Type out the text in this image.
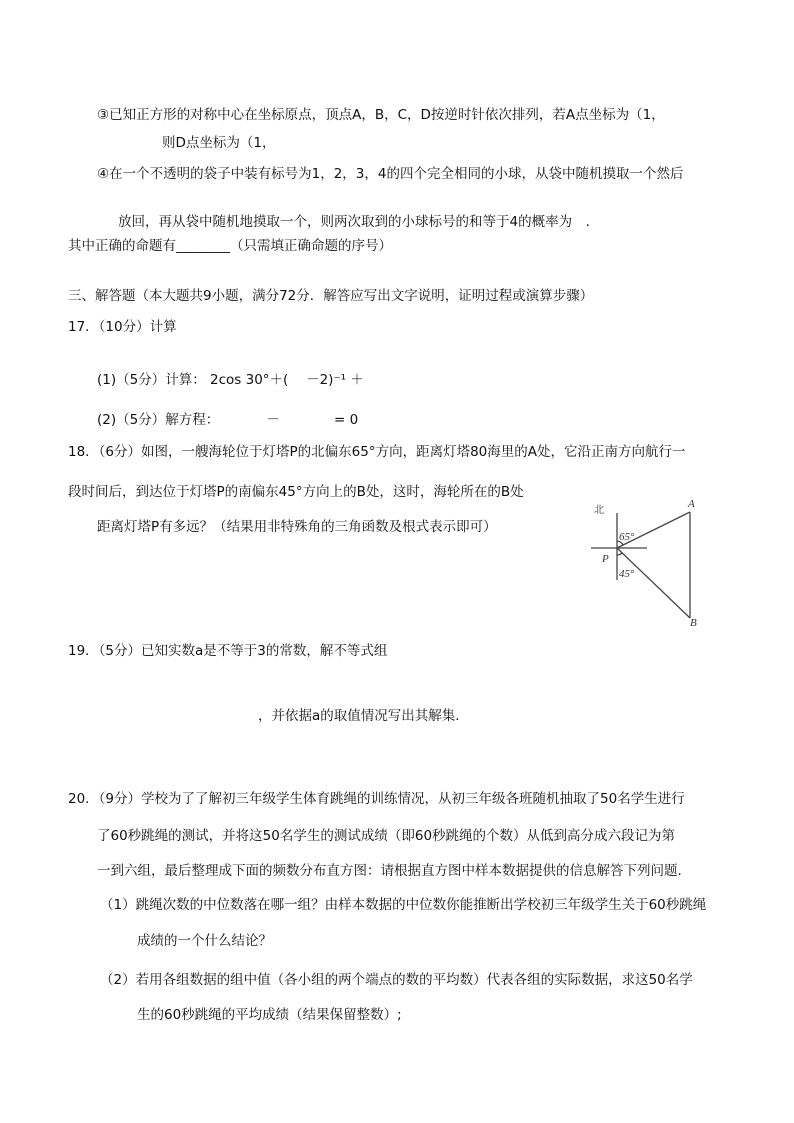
③已知正方形的对称中心在坐标原点，顶点A，B，C，D按逆时针依次排列，若A点坐标为（1，
则D点坐标为（1，
④在一个不透明的袋子中装有标号为1，2，3，4的四个完全相同的小球，从袋中随机摸取一个然后
放回，再从袋中随机地摸取一个，则两次取到的小球标号的和等于4的概率为　.
其中正确的命题有________（只需填正确命题的序号）
三、解答题（本大题共9小题，满分72分．解答应写出文字说明，证明过程或演算步骤）
17．（10分）计算
(1)（5分）计算： 2cos 30°＋(　 －2)⁻¹ ＋
(2)（5分）解方程：　　　　－　　　　= 0
18．（6分）如图，一艘海轮位于灯塔P的北偏东65°方向，距离灯塔80海里的A处，它沿正南方向航行一
段时间后，到达位于灯塔P的南偏东45°方向上的B处，这时，海轮所在的B处
距离灯塔P有多远？（结果用非特殊角的三角函数及根式表示即可）
北
65°
45°
P
A
B
19．（5分）已知实数a是不等于3的常数，解不等式组
，并依据a的取值情况写出其解集.
20．（9分）学校为了了解初三年级学生体育跳绳的训练情况，从初三年级各班随机抽取了50名学生进行
了60秒跳绳的测试，并将这50名学生的测试成绩（即60秒跳绳的个数）从低到高分成六段记为第
一到六组，最后整理成下面的频数分布直方图：请根据直方图中样本数据提供的信息解答下列问题.
（1）跳绳次数的中位数落在哪一组？由样本数据的中位数你能推断出学校初三年级学生关于60秒跳绳
成绩的一个什么结论？
（2）若用各组数据的组中值（各小组的两个端点的数的平均数）代表各组的实际数据，求这50名学
生的60秒跳绳的平均成绩（结果保留整数）;
